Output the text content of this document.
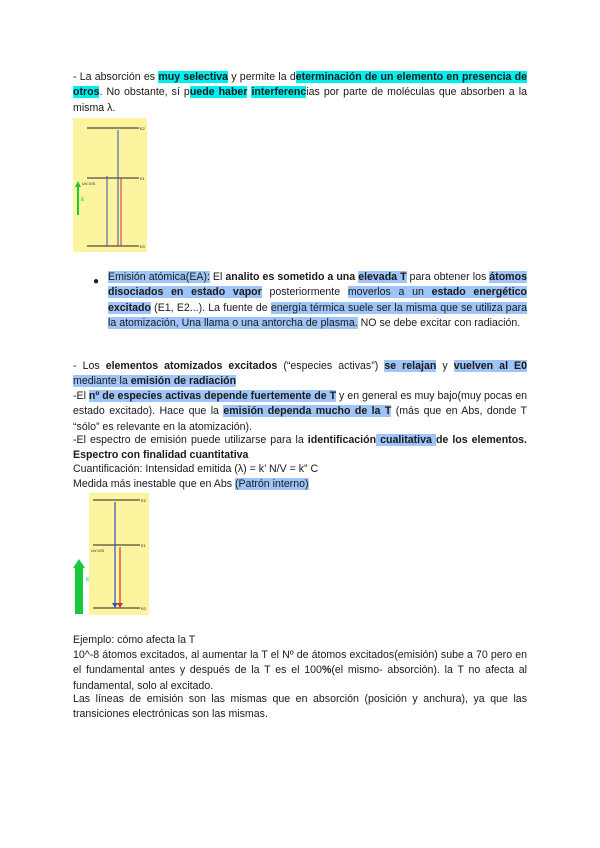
- La absorción es muy selectiva y permite la determinación de un elemento en presencia de otros. No obstante, sí puede haber interferencias por parte de moléculas que absorben a la misma λ.

E2
E1
E0
UV-VIS
E
● Emisión atómica(EA): El analito es sometido a una elevada T para obtener los átomos disociados en estado vapor posteriormente moverlos a un estado energético excitado (E1, E2...). La fuente de energía térmica suele ser la misma que se utiliza para la atomización, Una llama o una antorcha de plasma. NO se debe excitar con radiación.

- Los elementos atomizados excitados (“especies activas”) se relajan y vuelven al E0 mediante la emisión de radiación

-El nº de especies activas depende fuertemente de T y en general es muy bajo(muy pocas en estado excitado). Hace que la emisión dependa mucho de la T (más que en Abs, donde T “sólo” es relevante en la atomización).

-El espectro de emisión puede utilizarse para la identificación cualitativa de los elementos. Espectro con finalidad cuantitativa

Cuantificación: Intensidad emitida (λ) = k’ N/V = k” C

Medida más inestable que en Abs (Patrón interno)

E2
E1
E0
UV-VIS
E

Ejemplo: cómo afecta la T

10^-8 átomos excitados, al aumentar la T el Nº de átomos excitados(emisión) sube a 70 pero en el fundamental antes y después de la T es el 100%(el mismo- absorción). la T no afecta al fundamental, solo al excitado.

Las líneas de emisión son las mismas que en absorción (posición y anchura), ya que las transiciones electrónicas son las mismas.
